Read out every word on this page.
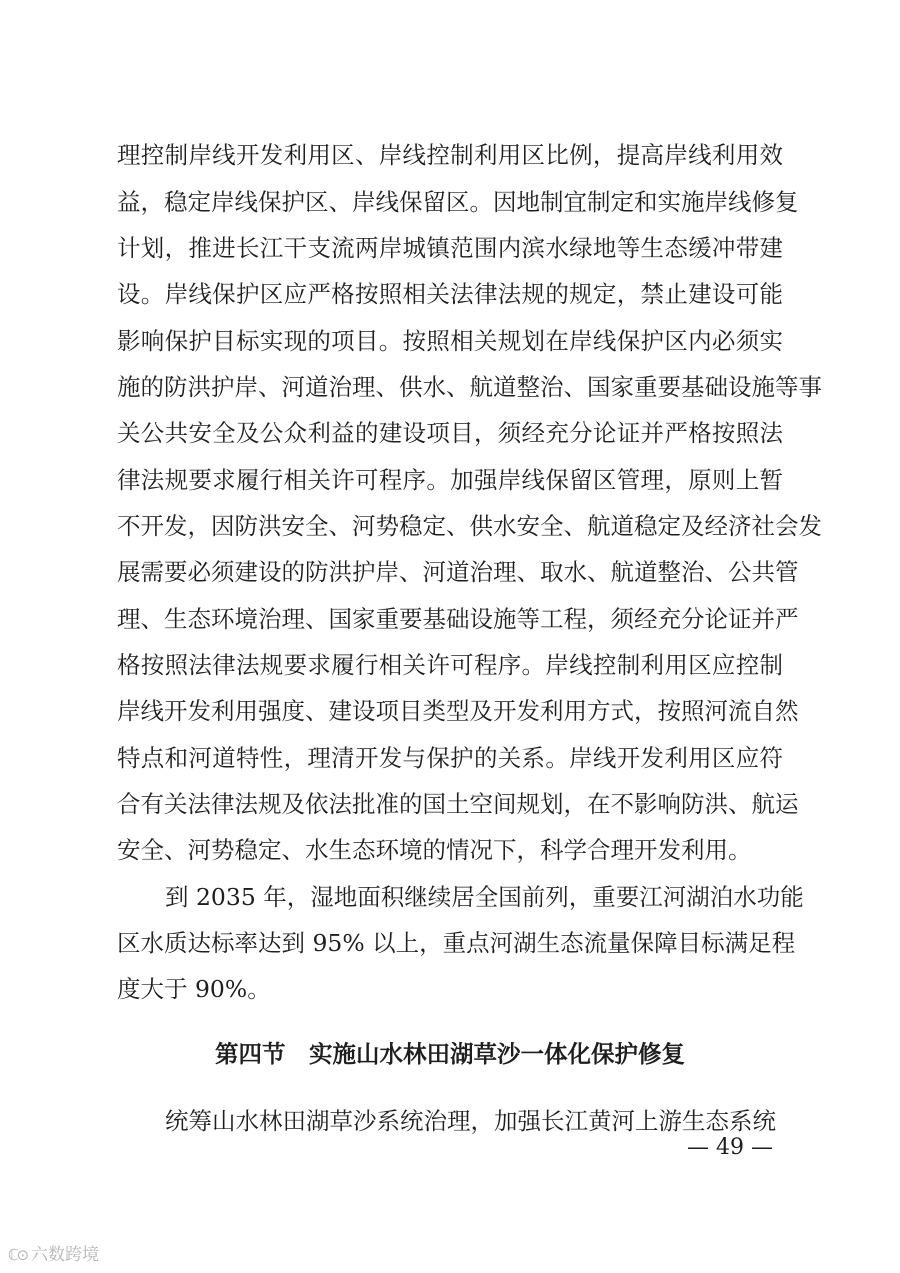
理控制岸线开发利用区、岸线控制利用区比例，提高岸线利用效
益，稳定岸线保护区、岸线保留区。因地制宜制定和实施岸线修复
计划，推进长江干支流两岸城镇范围内滨水绿地等生态缓冲带建
设。岸线保护区应严格按照相关法律法规的规定，禁止建设可能
影响保护目标实现的项目。按照相关规划在岸线保护区内必须实
施的防洪护岸、河道治理、供水、航道整治、国家重要基础设施等事
关公共安全及公众利益的建设项目，须经充分论证并严格按照法
律法规要求履行相关许可程序。加强岸线保留区管理，原则上暂
不开发，因防洪安全、河势稳定、供水安全、航道稳定及经济社会发
展需要必须建设的防洪护岸、河道治理、取水、航道整治、公共管
理、生态环境治理、国家重要基础设施等工程，须经充分论证并严
格按照法律法规要求履行相关许可程序。岸线控制利用区应控制
岸线开发利用强度、建设项目类型及开发利用方式，按照河流自然
特点和河道特性，理清开发与保护的关系。岸线开发利用区应符
合有关法律法规及依法批准的国土空间规划，在不影响防洪、航运
安全、河势稳定、水生态环境的情况下，科学合理开发利用。
到 2035 年，湿地面积继续居全国前列，重要江河湖泊水功能
区水质达标率达到 95% 以上，重点河湖生态流量保障目标满足程
度大于 90%。
第四节　实施山水林田湖草沙一体化保护修复
统筹山水林田湖草沙系统治理，加强长江黄河上游生态系统
— 49 —
ℂ⊙ 六数跨境
